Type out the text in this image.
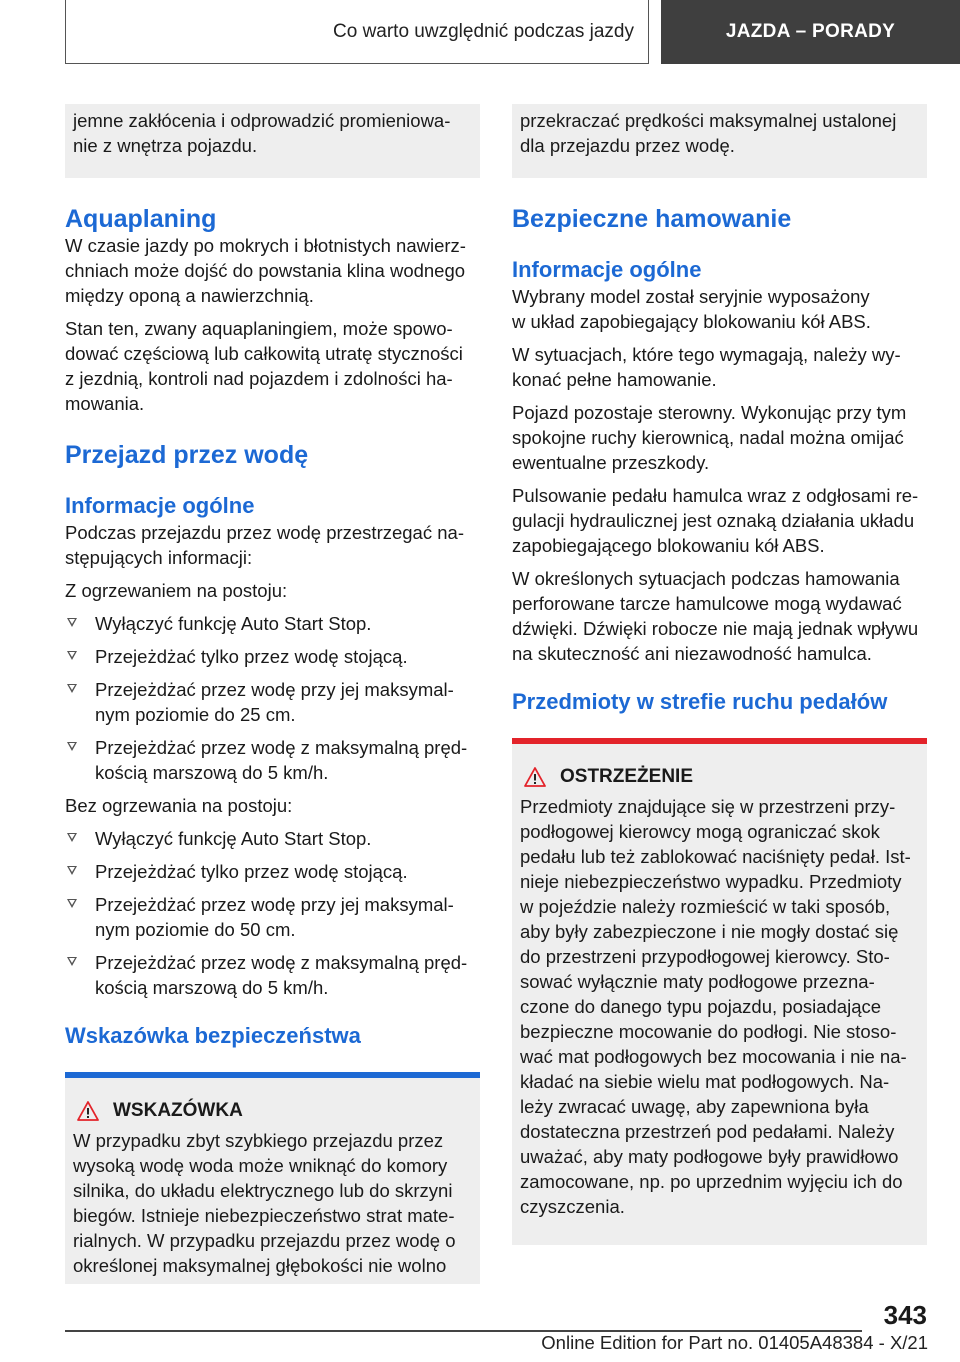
Co warto uwzględnić podczas jazdy	JAZDA – PORADY
jemne zakłócenia i odprowadzić promieniowa-
nie z wnętrza pojazdu.
Aquaplaning
W czasie jazdy po mokrych i błotnistych nawierz-
chniach może dojść do powstania klina wodnego
między oponą a nawierzchnią.
Stan ten, zwany aquaplaningiem, może spowo-
dować częściową lub całkowitą utratę styczności
z jezdnią, kontroli nad pojazdem i zdolności ha-
mowania.
Przejazd przez wodę
Informacje ogólne
Podczas przejazdu przez wodę przestrzegać na-
stępujących informacji:
Z ogrzewaniem na postoju:
Wyłączyć funkcję Auto Start Stop.
Przejeżdżać tylko przez wodę stojącą.
Przejeżdżać przez wodę przy jej maksymal-
nym poziomie do 25 cm.
Przejeżdżać przez wodę z maksymalną pręd-
kością marszową do 5 km/h.
Bez ogrzewania na postoju:
Wyłączyć funkcję Auto Start Stop.
Przejeżdżać tylko przez wodę stojącą.
Przejeżdżać przez wodę przy jej maksymal-
nym poziomie do 50 cm.
Przejeżdżać przez wodę z maksymalną pręd-
kością marszową do 5 km/h.
Wskazówka bezpieczeństwa
WSKAZÓWKA
W przypadku zbyt szybkiego przejazdu przez
wysoką wodę woda może wniknąć do komory
silnika, do układu elektrycznego lub do skrzyni
biegów. Istnieje niebezpieczeństwo strat mate-
rialnych. W przypadku przejazdu przez wodę o
określonej maksymalnej głębokości nie wolno
przekraczać prędkości maksymalnej ustalonej
dla przejazdu przez wodę.
Bezpieczne hamowanie
Informacje ogólne
Wybrany model został seryjnie wyposażony
w układ zapobiegający blokowaniu kół ABS.
W sytuacjach, które tego wymagają, należy wy-
konać pełne hamowanie.
Pojazd pozostaje sterowny. Wykonując przy tym
spokojne ruchy kierownicą, nadal można omijać
ewentualne przeszkody.
Pulsowanie pedału hamulca wraz z odgłosami re-
gulacji hydraulicznej jest oznaką działania układu
zapobiegającego blokowaniu kół ABS.
W określonych sytuacjach podczas hamowania
perforowane tarcze hamulcowe mogą wydawać
dźwięki. Dźwięki robocze nie mają jednak wpływu
na skuteczność ani niezawodność hamulca.
Przedmioty w strefie ruchu pedałów
OSTRZEŻENIE
Przedmioty znajdujące się w przestrzeni przy-
podłogowej kierowcy mogą ograniczać skok
pedału lub też zablokować naciśnięty pedał. Ist-
nieje niebezpieczeństwo wypadku. Przedmioty
w pojeździe należy rozmieścić w taki sposób,
aby były zabezpieczone i nie mogły dostać się
do przestrzeni przypodłogowej kierowcy. Sto-
sować wyłącznie maty podłogowe przezna-
czone do danego typu pojazdu, posiadające
bezpieczne mocowanie do podłogi. Nie stoso-
wać mat podłogowych bez mocowania i nie na-
kładać na siebie wielu mat podłogowych. Na-
leży zwracać uwagę, aby zapewniona była
dostateczna przestrzeń pod pedałami. Należy
uważać, aby maty podłogowe były prawidłowo
zamocowane, np. po uprzednim wyjęciu ich do
czyszczenia.
343
Online Edition for Part no. 01405A48384 - X/21
